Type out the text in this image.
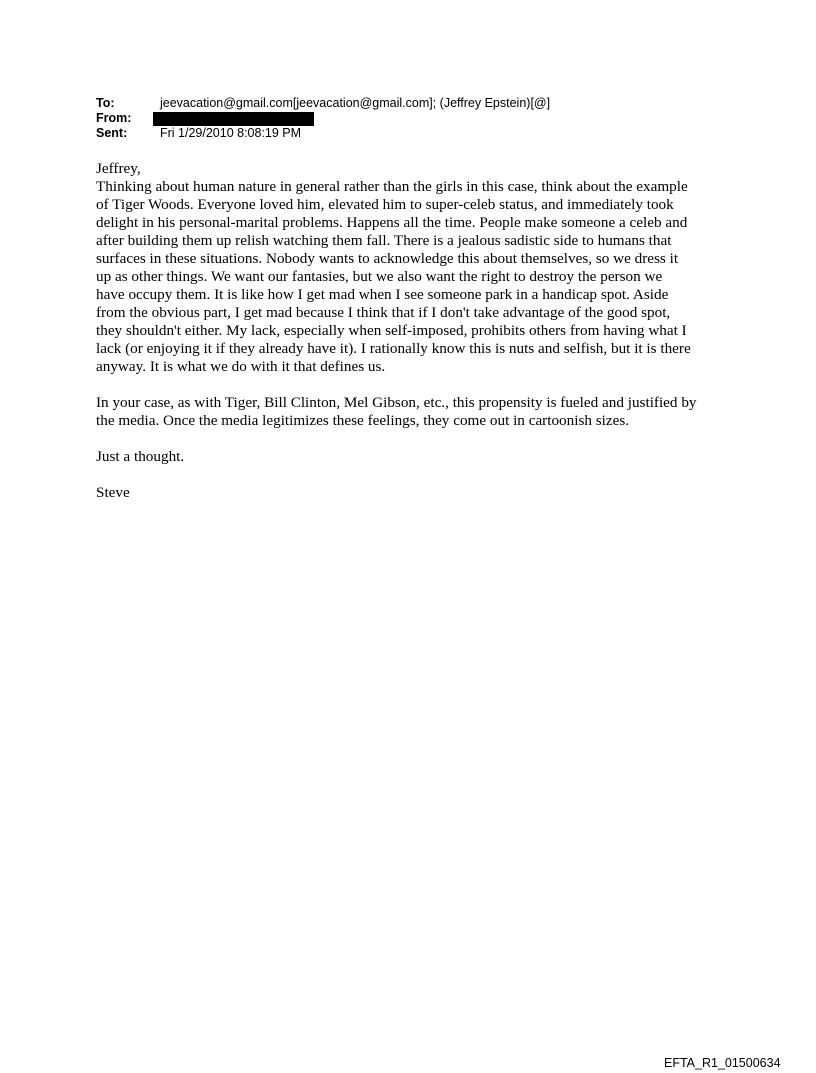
To:	jeevacation@gmail.com[jeevacation@gmail.com]; (Jeffrey Epstein)[@]
From:
Sent:	Fri 1/29/2010 8:08:19 PM

Jeffrey,

Thinking about human nature in general rather than the girls in this case, think about the example
of Tiger Woods. Everyone loved him, elevated him to super-celeb status, and immediately took
delight in his personal-marital problems. Happens all the time. People make someone a celeb and
after building them up relish watching them fall. There is a jealous sadistic side to humans that
surfaces in these situations. Nobody wants to acknowledge this about themselves, so we dress it
up as other things. We want our fantasies, but we also want the right to destroy the person we
have occupy them. It is like how I get mad when I see someone park in a handicap spot. Aside
from the obvious part, I get mad because I think that if I don't take advantage of the good spot,
they shouldn't either. My lack, especially when self-imposed, prohibits others from having what I
lack (or enjoying it if they already have it). I rationally know this is nuts and selfish, but it is there
anyway. It is what we do with it that defines us.
In your case, as with Tiger, Bill Clinton, Mel Gibson, etc., this propensity is fueled and justified by
the media. Once the media legitimizes these feelings, they come out in cartoonish sizes.

Just a thought.

Steve

EFTA_R1_01500634
